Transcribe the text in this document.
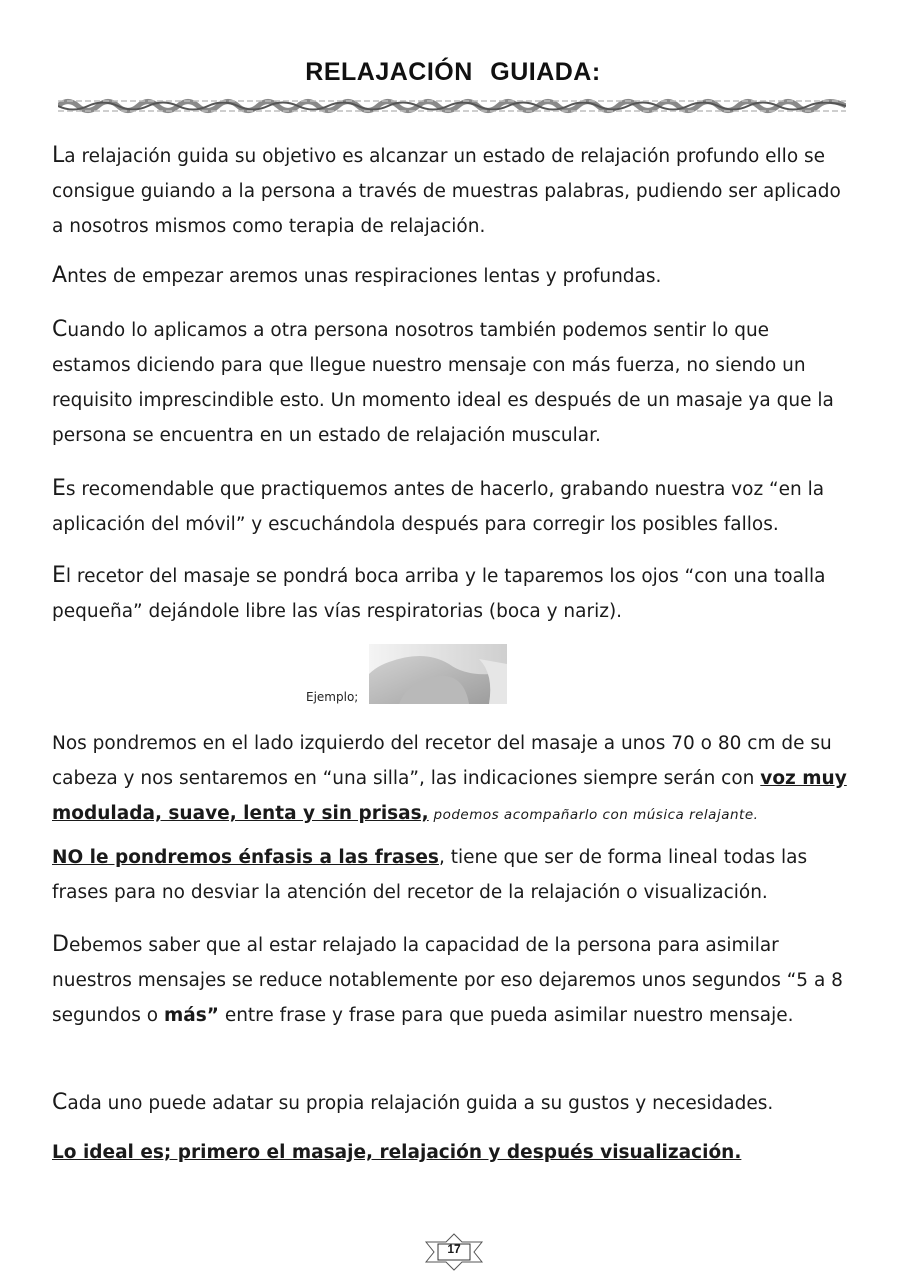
RELAJACIÓN GUIADA:
La relajación guida su objetivo es alcanzar un estado de relajación profundo ello se consigue guiando a la persona a través de muestras palabras, pudiendo ser aplicado a nosotros mismos como terapia de relajación.
Antes de empezar aremos unas respiraciones lentas y profundas.
Cuando lo aplicamos a otra persona nosotros también podemos sentir lo que estamos diciendo para que llegue nuestro mensaje con más fuerza, no siendo un requisito imprescindible esto. Un momento ideal es después de un masaje ya que la persona se encuentra en un estado de relajación muscular.
Es recomendable que practiquemos antes de hacerlo, grabando nuestra voz “en la aplicación del móvil” y escuchándola después para corregir los posibles fallos.
El recetor del masaje se pondrá boca arriba y le taparemos los ojos “con una toalla pequeña” dejándole libre las vías respiratorias (boca y nariz).
Ejemplo;
Nos pondremos en el lado izquierdo del recetor del masaje a unos 70 o 80 cm de su cabeza y nos sentaremos en “una silla”, las indicaciones siempre serán con voz muy modulada, suave, lenta y sin prisas, podemos acompañarlo con música relajante.
NO le pondremos énfasis a las frases, tiene que ser de forma lineal todas las frases para no desviar la atención del recetor de la relajación o visualización.
Debemos saber que al estar relajado la capacidad de la persona para asimilar nuestros mensajes se reduce notablemente por eso dejaremos unos segundos “5 a 8 segundos o más” entre frase y frase para que pueda asimilar nuestro mensaje.
Cada uno puede adatar su propia relajación guida a su gustos y necesidades.
Lo ideal es; primero el masaje, relajación y después visualización.
17
